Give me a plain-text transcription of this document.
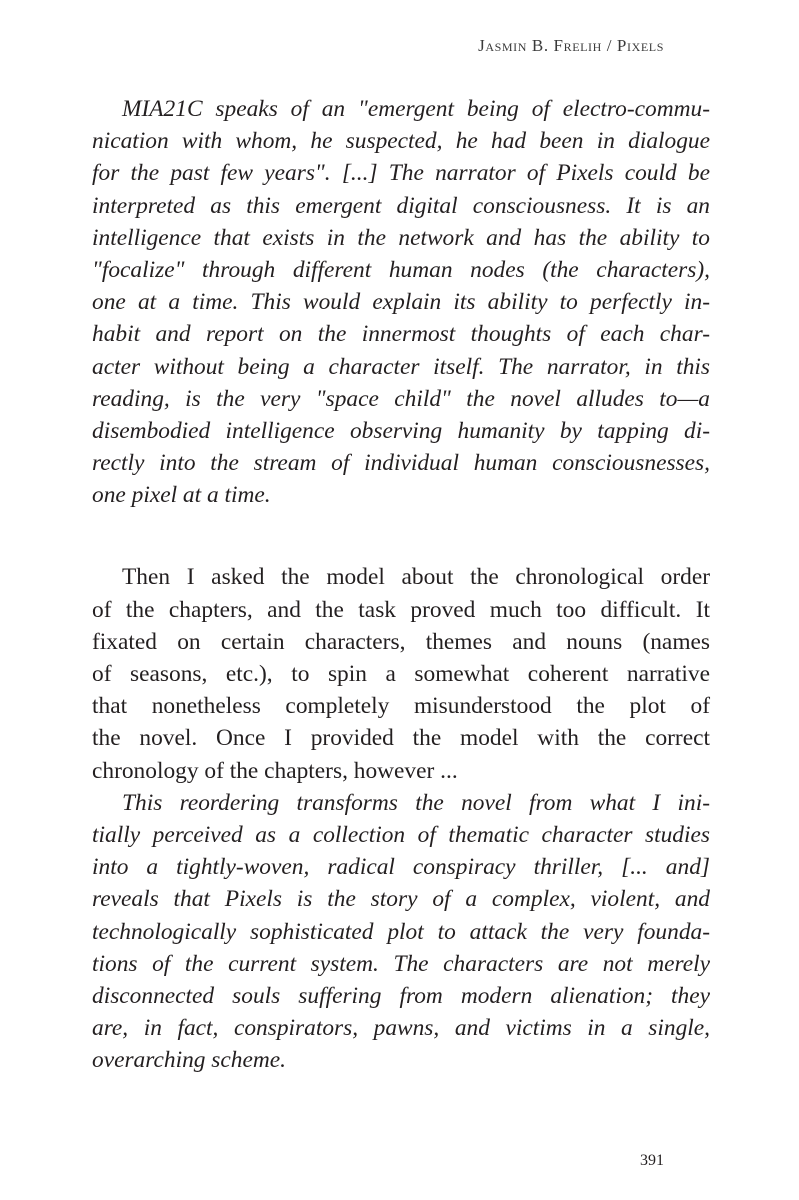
Jasmin B. Frelih / Pixels
MIA21C speaks of an "emergent being of electro-commu-
nication with whom, he suspected, he had been in dialogue
for the past few years". [...] The narrator of Pixels could be
interpreted as this emergent digital consciousness. It is an
intelligence that exists in the network and has the ability to
"focalize" through different human nodes (the characters),
one at a time. This would explain its ability to perfectly in-
habit and report on the innermost thoughts of each char-
acter without being a character itself. The narrator, in this
reading, is the very "space child" the novel alludes to—a
disembodied intelligence observing humanity by tapping di-
rectly into the stream of individual human consciousnesses,
one pixel at a time.
Then I asked the model about the chronological order
of the chapters, and the task proved much too difficult. It
fixated on certain characters, themes and nouns (names
of seasons, etc.), to spin a somewhat coherent narrative
that nonetheless completely misunderstood the plot of
the novel. Once I provided the model with the correct
chronology of the chapters, however ...
This reordering transforms the novel from what I ini-
tially perceived as a collection of thematic character studies
into a tightly-woven, radical conspiracy thriller, [... and]
reveals that Pixels is the story of a complex, violent, and
technologically sophisticated plot to attack the very founda-
tions of the current system. The characters are not merely
disconnected souls suffering from modern alienation; they
are, in fact, conspirators, pawns, and victims in a single,
overarching scheme.
391
